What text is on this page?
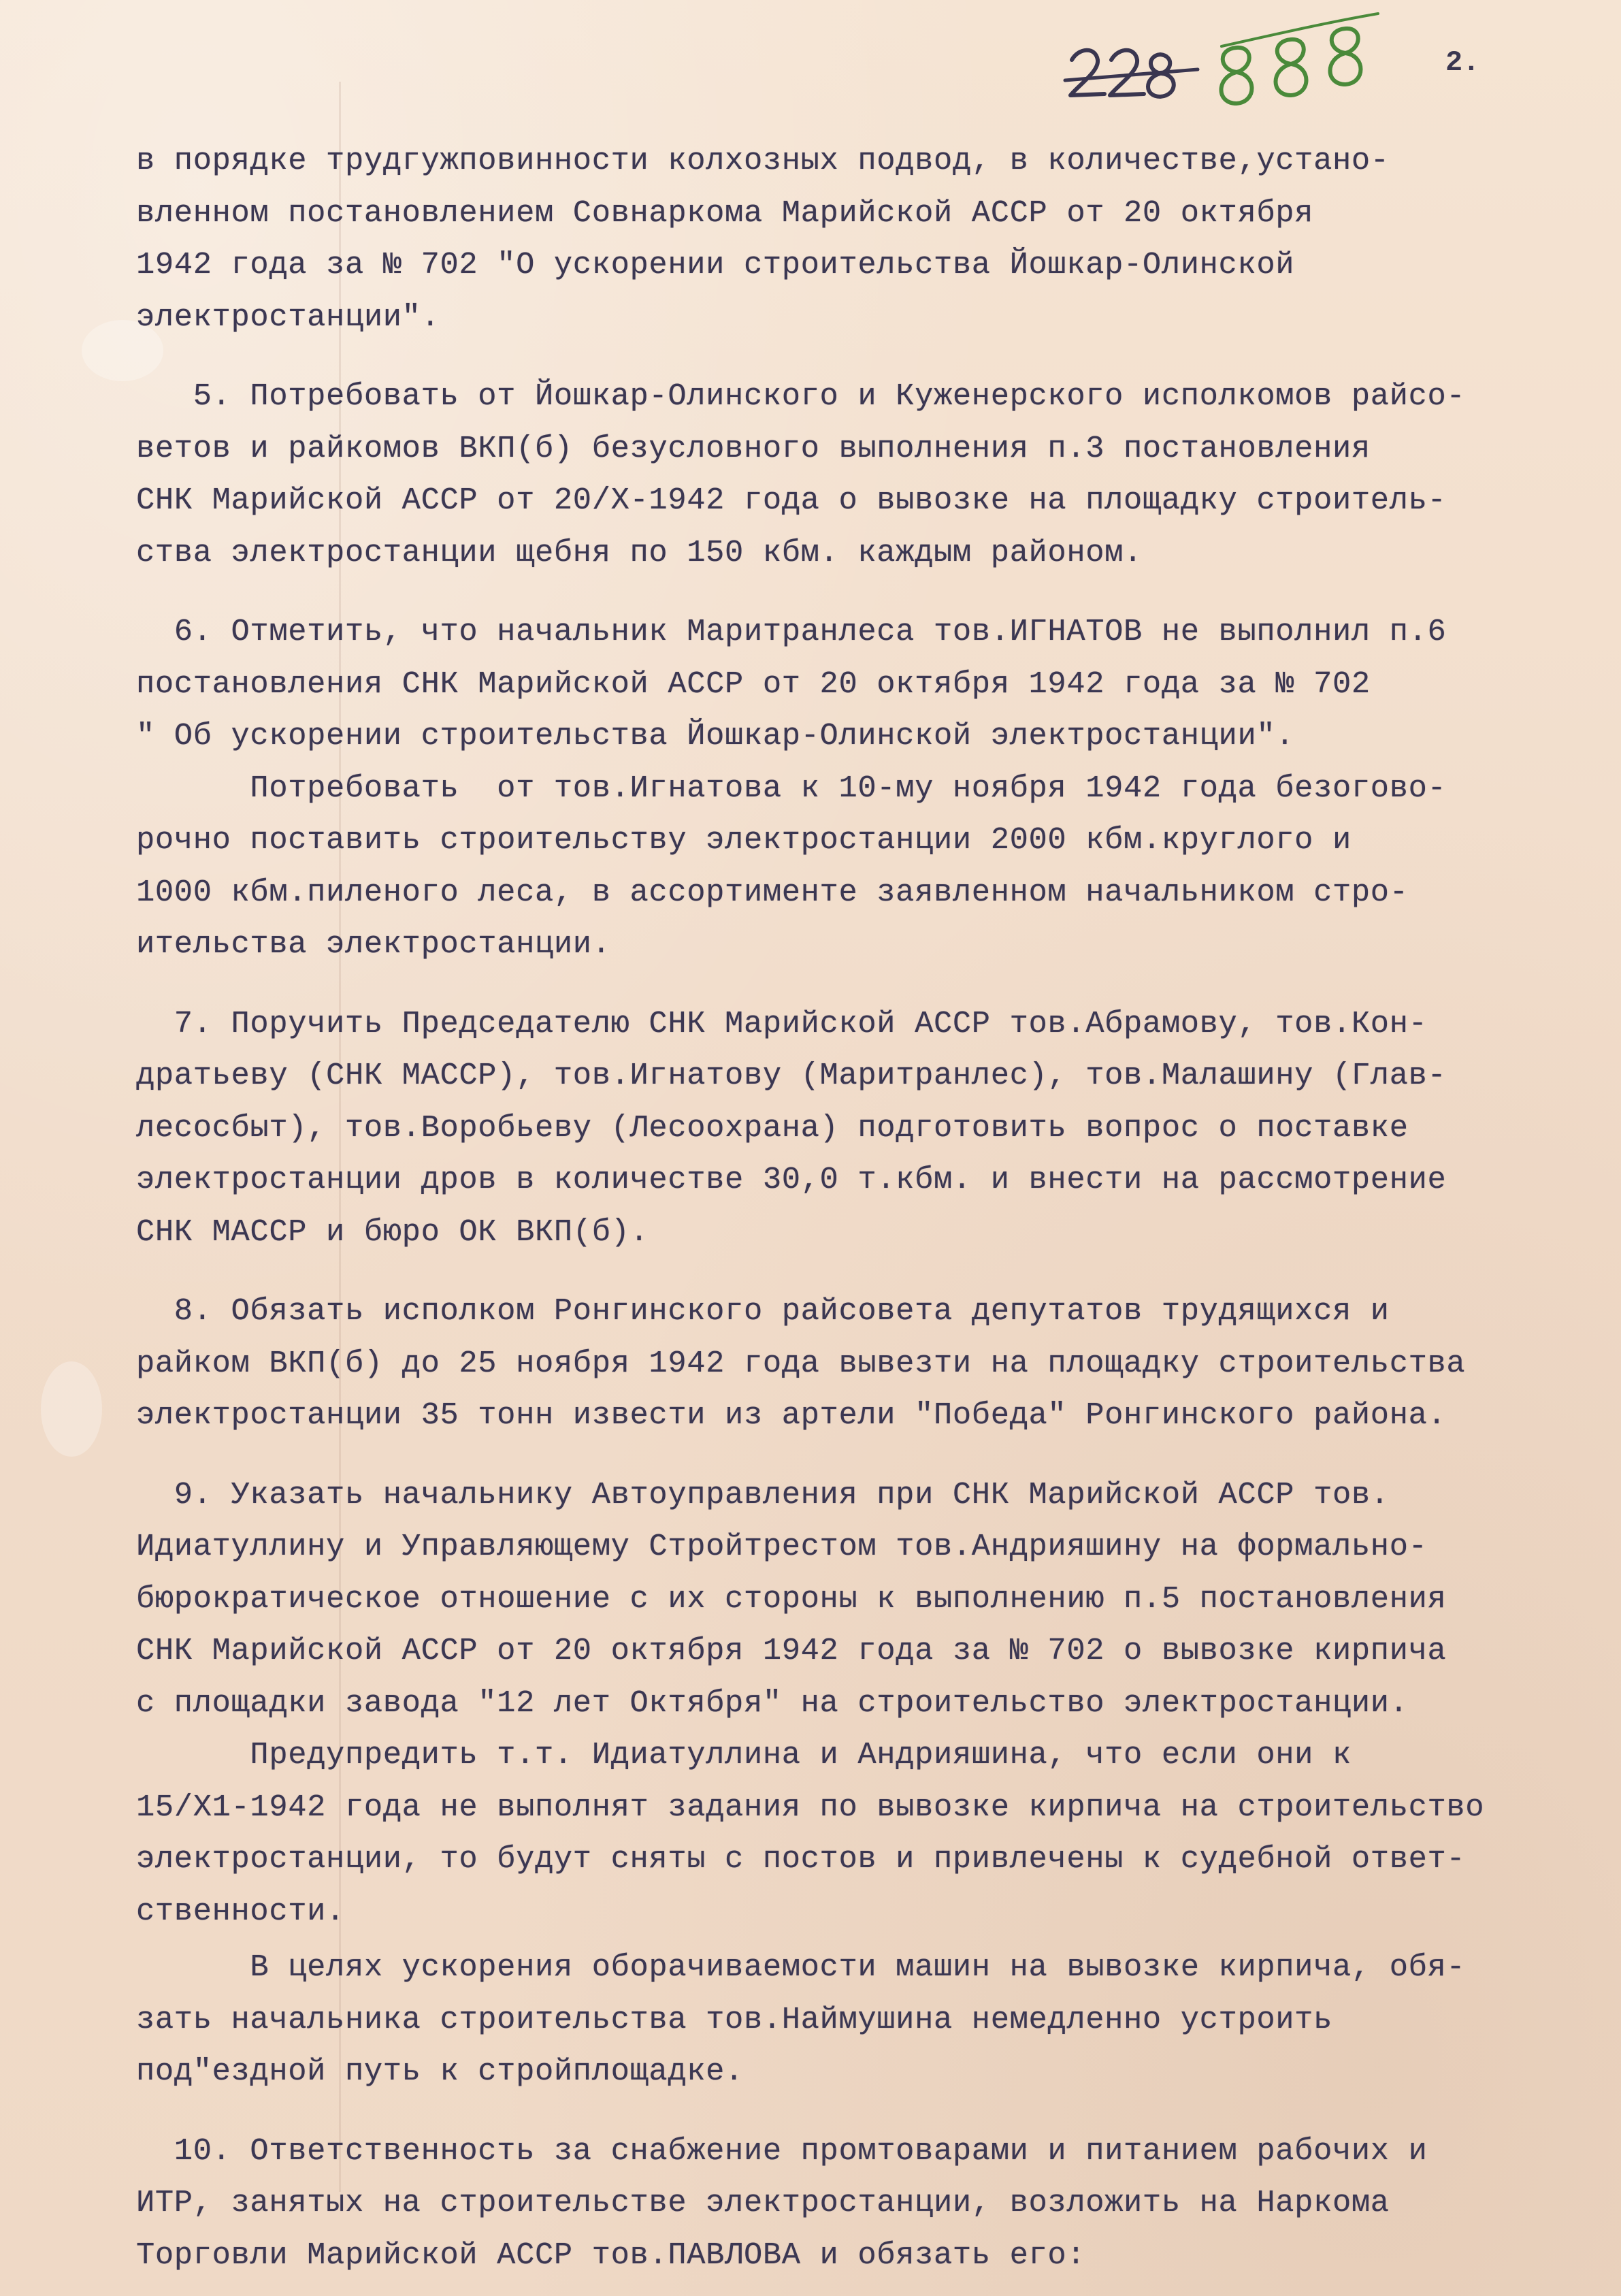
2.

в порядке трудгужповинности колхозных подвод, в количестве,устано-

вленном постановлением Совнаркома Марийской АССР от 20 октября

1942 года за № 702 "О ускорении строительства Йошкар-Олинской

электростанции".

5. Потребовать от Йошкар-Олинского и Куженерского исполкомов райсо-

ветов и райкомов ВКП(б) безусловного выполнения п.3 постановления

СНК Марийской АССР от 20/Х-1942 года о вывозке на площадку строитель-

ства электростанции щебня по 150 кбм. каждым районом.

6. Отметить, что начальник Маритранлеса тов.ИГНАТОВ не выполнил п.6

постановления СНК Марийской АССР от 20 октября 1942 года за № 702

" Об ускорении строительства Йошкар-Олинской электростанции".

Потребовать  от тов.Игнатова к 10-му ноября 1942 года безогово-

рочно поставить строительству электростанции 2000 кбм.круглого и

1000 кбм.пиленого леса, в ассортименте заявленном начальником стро-

ительства электростанции.

7. Поручить Председателю СНК Марийской АССР тов.Абрамову, тов.Кон-

дратьеву (СНК МАССР), тов.Игнатову (Маритранлес), тов.Малашину (Глав-

лесосбыт), тов.Воробьеву (Лесоохрана) подготовить вопрос о поставке

электростанции дров в количестве 30,0 т.кбм. и внести на рассмотрение

СНК МАССР и бюро ОК ВКП(б).

8. Обязать исполком Ронгинского райсовета депутатов трудящихся и

райком ВКП(б) до 25 ноября 1942 года вывезти на площадку строительства

электростанции 35 тонн извести из артели "Победа" Ронгинского района.

9. Указать начальнику Автоуправления при СНК Марийской АССР тов.

Идиатуллину и Управляющему Стройтрестом тов.Андрияшину на формально-

бюрократическое отношение с их стороны к выполнению п.5 постановления

СНК Марийской АССР от 20 октября 1942 года за № 702 о вывозке кирпича

с площадки завода "12 лет Октября" на строительство электростанции.

Предупредить т.т. Идиатуллина и Андрияшина, что если они к

15/Х1-1942 года не выполнят задания по вывозке кирпича на строительство

электростанции, то будут сняты с постов и привлечены к судебной ответ-

ственности.

В целях ускорения оборачиваемости машин на вывозке кирпича, обя-

зать начальника строительства тов.Наймушина немедленно устроить

под"ездной путь к стройплощадке.

10. Ответственность за снабжение промтоварами и питанием рабочих и

ИТР, занятых на строительстве электростанции, возложить на Наркома

Торговли Марийской АССР тов.ПАВЛОВА и обязать его:
